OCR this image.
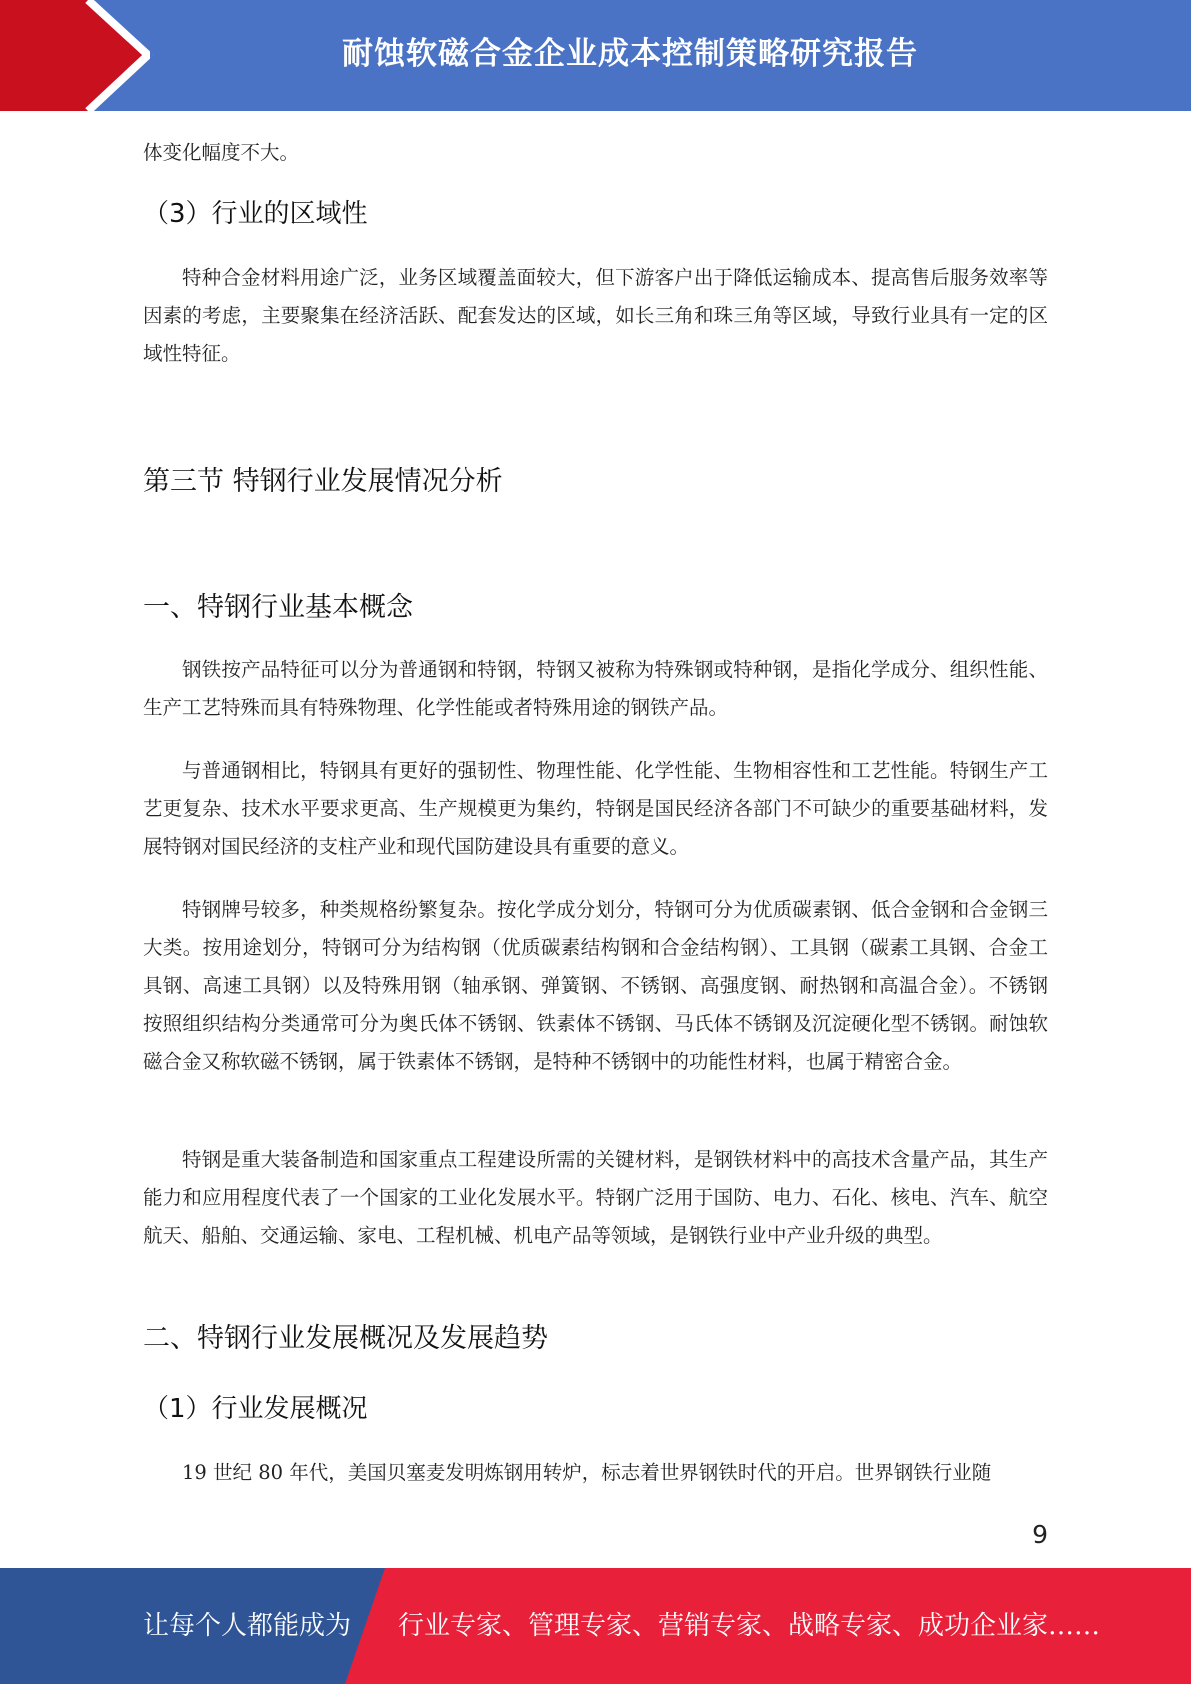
耐蚀软磁合金企业成本控制策略研究报告

体变化幅度不大。

（3）行业的区域性

特种合金材料用途广泛，业务区域覆盖面较大，但下游客户出于降低运输成本、提高售后服务效率等因素的考虑，主要聚集在经济活跃、配套发达的区域，如长三角和珠三角等区域，导致行业具有一定的区域性特征。

第三节 特钢行业发展情况分析
一、特钢行业基本概念

钢铁按产品特征可以分为普通钢和特钢，特钢又被称为特殊钢或特种钢，是指化学成分、组织性能、生产工艺特殊而具有特殊物理、化学性能或者特殊用途的钢铁产品。

与普通钢相比，特钢具有更好的强韧性、物理性能、化学性能、生物相容性和工艺性能。特钢生产工艺更复杂、技术水平要求更高、生产规模更为集约，特钢是国民经济各部门不可缺少的重要基础材料，发展特钢对国民经济的支柱产业和现代国防建设具有重要的意义。

特钢牌号较多，种类规格纷繁复杂。按化学成分划分，特钢可分为优质碳素钢、低合金钢和合金钢三大类。按用途划分，特钢可分为结构钢（优质碳素结构钢和合金结构钢）、工具钢（碳素工具钢、合金工具钢、高速工具钢）以及特殊用钢（轴承钢、弹簧钢、不锈钢、高强度钢、耐热钢和高温合金）。不锈钢按照组织结构分类通常可分为奥氏体不锈钢、铁素体不锈钢、马氏体不锈钢及沉淀硬化型不锈钢。耐蚀软磁合金又称软磁不锈钢，属于铁素体不锈钢，是特种不锈钢中的功能性材料，也属于精密合金。

特钢是重大装备制造和国家重点工程建设所需的关键材料，是钢铁材料中的高技术含量产品，其生产能力和应用程度代表了一个国家的工业化发展水平。特钢广泛用于国防、电力、石化、核电、汽车、航空航天、船舶、交通运输、家电、工程机械、机电产品等领域，是钢铁行业中产业升级的典型。

二、特钢行业发展概况及发展趋势
（1）行业发展概况

19 世纪 80 年代，美国贝塞麦发明炼钢用转炉，标志着世界钢铁时代的开启。世界钢铁行业随

9
让每个人都能成为 行业专家、管理专家、营销专家、战略专家、成功企业家……
